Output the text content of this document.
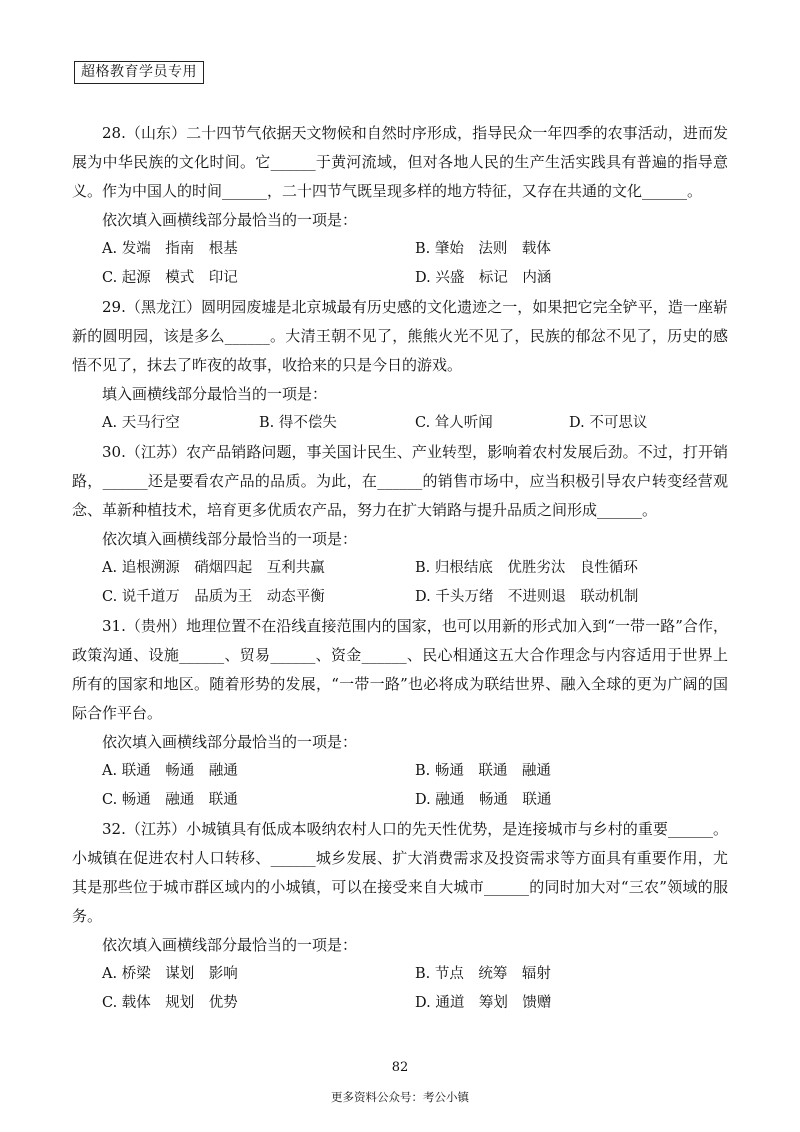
超格教育学员专用

28.（山东）二十四节气依据天文物候和自然时序形成，指导民众一年四季的农事活动，进而发展为中华民族的文化时间。它______于黄河流域，但对各地人民的生产生活实践具有普遍的指导意义。作为中国人的时间______，二十四节气既呈现多样的地方特征，又存在共通的文化______。

依次填入画横线部分最恰当的一项是：

A. 发端　指南　根基	B. 肇始　法则　载体
C. 起源　模式　印记	D. 兴盛　标记　内涵

29.（黑龙江）圆明园废墟是北京城最有历史感的文化遗迹之一，如果把它完全铲平，造一座崭新的圆明园，该是多么______。大清王朝不见了，熊熊火光不见了，民族的郁忿不见了，历史的感悟不见了，抹去了昨夜的故事，收拾来的只是今日的游戏。

填入画横线部分最恰当的一项是：

A. 天马行空	B. 得不偿失	C. 耸人听闻	D. 不可思议

30.（江苏）农产品销路问题，事关国计民生、产业转型，影响着农村发展后劲。不过，打开销路，______还是要看农产品的品质。为此，在______的销售市场中，应当积极引导农户转变经营观念、革新种植技术，培育更多优质农产品，努力在扩大销路与提升品质之间形成______。

依次填入画横线部分最恰当的一项是：

A. 追根溯源　硝烟四起　互利共赢	B. 归根结底　优胜劣汰　良性循环
C. 说千道万　品质为王　动态平衡	D. 千头万绪　不进则退　联动机制

31.（贵州）地理位置不在沿线直接范围内的国家，也可以用新的形式加入到“一带一路”合作，政策沟通、设施______、贸易______、资金______、民心相通这五大合作理念与内容适用于世界上所有的国家和地区。随着形势的发展，“一带一路”也必将成为联结世界、融入全球的更为广阔的国际合作平台。

依次填入画横线部分最恰当的一项是：

A. 联通　畅通　融通	B. 畅通　联通　融通
C. 畅通　融通　联通	D. 融通　畅通　联通

32.（江苏）小城镇具有低成本吸纳农村人口的先天性优势，是连接城市与乡村的重要______。小城镇在促进农村人口转移、______城乡发展、扩大消费需求及投资需求等方面具有重要作用，尤其是那些位于城市群区域内的小城镇，可以在接受来自大城市______的同时加大对“三农”领域的服务。

依次填入画横线部分最恰当的一项是：

A. 桥梁　谋划　影响	B. 节点　统筹　辐射
C. 载体　规划　优势	D. 通道　筹划　馈赠
82
更多资料公众号：考公小镇
